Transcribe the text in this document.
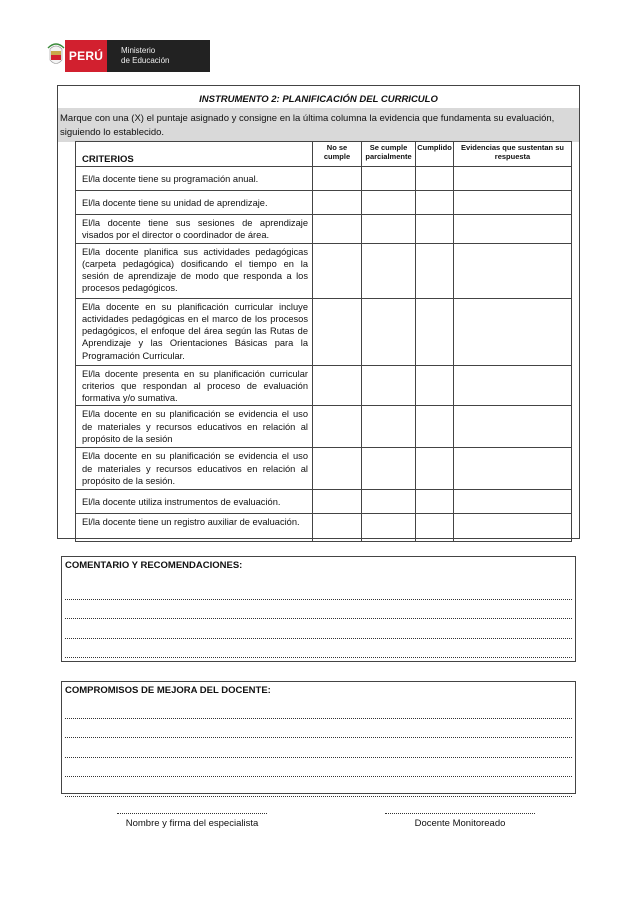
PERÚ	Ministerio
de Educación
INSTRUMENTO 2: PLANIFICACIÓN DEL CURRICULO
Marque con una (X) el puntaje asignado y consigne en la última columna la evidencia que fundamenta su evaluación, siguiendo lo establecido.
CRITERIOS	No se cumple	Se cumple parcialmente	Cumplido	Evidencias que sustentan su respuesta
El/la docente tiene su programación anual.				
El/la docente tiene su unidad de aprendizaje.				
El/la docente tiene sus sesiones de aprendizaje visados por el director o coordinador de área.				
El/la docente planifica sus actividades pedagógicas (carpeta pedagógica) dosificando el tiempo en la sesión de aprendizaje de modo que responda a los procesos pedagógicos.				
El/la docente en su planificación curricular incluye actividades pedagógicas en el marco de los procesos pedagógicos, el enfoque del área según las Rutas de Aprendizaje y las Orientaciones Básicas para la Programación Curricular.				
El/la docente presenta en su planificación curricular criterios que respondan al proceso de evaluación formativa y/o sumativa.				
El/la docente en su planificación se evidencia el uso de materiales y recursos educativos en relación al propósito de la sesión				
El/la docente en su planificación se evidencia el uso de materiales y recursos educativos en relación al propósito de la sesión.				
El/la docente utiliza instrumentos de evaluación.				
El/la docente tiene un registro auxiliar de evaluación.				
COMENTARIO Y RECOMENDACIONES:
COMPROMISOS DE MEJORA DEL DOCENTE:
Nombre y firma del especialista	Docente Monitoreado
